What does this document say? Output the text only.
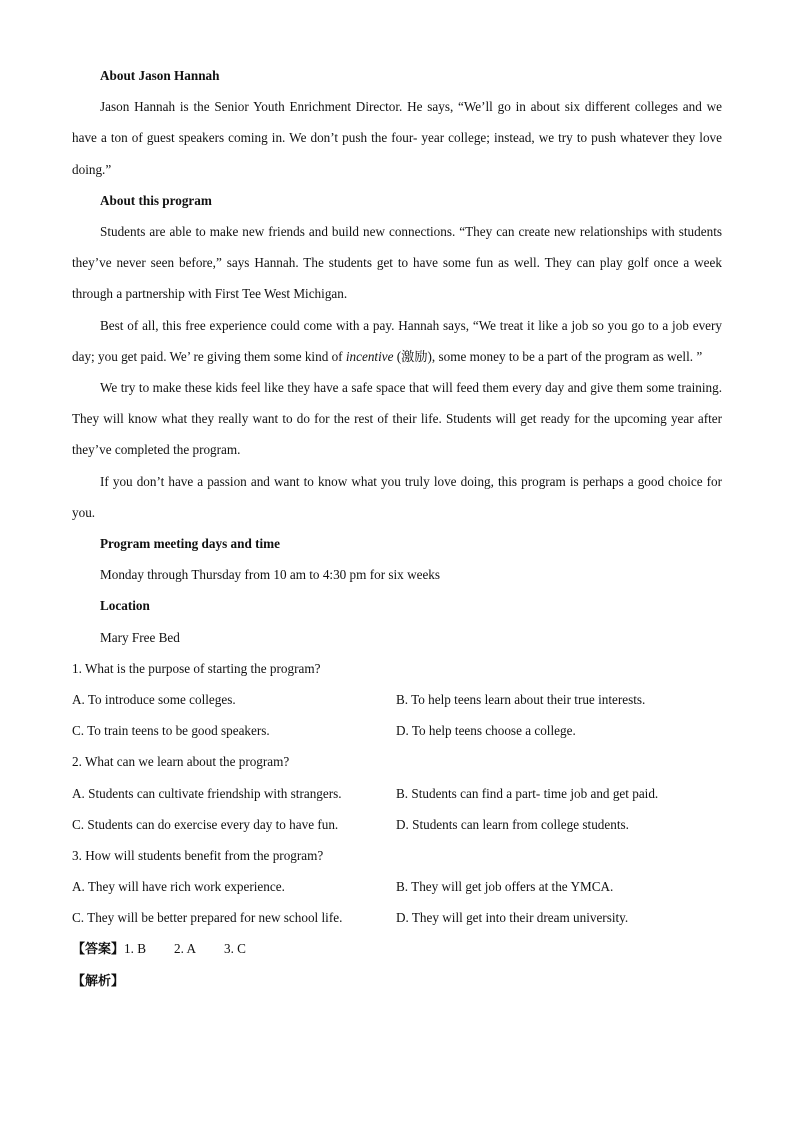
About Jason Hannah
Jason Hannah is the Senior Youth Enrichment Director. He says, “We’ll go in about six different colleges and we have a ton of guest speakers coming in. We don’t push the four- year college; instead, we try to push whatever they love doing.”
About this program
Students are able to make new friends and build new connections. “They can create new relationships with students they’ve never seen before,” says Hannah. The students get to have some fun as well. They can play golf once a week through a partnership with First Tee West Michigan.
Best of all, this free experience could come with a pay. Hannah says, “We treat it like a job so you go to a job every day; you get paid. We’ re giving them some kind of incentive (激励), some money to be a part of the program as well. ”
We try to make these kids feel like they have a safe space that will feed them every day and give them some training. They will know what they really want to do for the rest of their life. Students will get ready for the upcoming year after they’ve completed the program.
If you don’t have a passion and want to know what you truly love doing, this program is perhaps a good choice for you.
Program meeting days and time
Monday through Thursday from 10 am to 4:30 pm for six weeks
Location
Mary Free Bed
1. What is the purpose of starting the program?
A. To introduce some colleges.	B. To help teens learn about their true interests.
C. To train teens to be good speakers.	D. To help teens choose a college.
2. What can we learn about the program?
A. Students can cultivate friendship with strangers.	B. Students can find a part- time job and get paid.
C. Students can do exercise every day to have fun.	D. Students can learn from college students.
3. How will students benefit from the program?
A. They will have rich work experience.	B. They will get job offers at the YMCA.
C. They will be better prepared for new school life.	D. They will get into their dream university.
【答案】1. B 2. A 3. C
【解析】
